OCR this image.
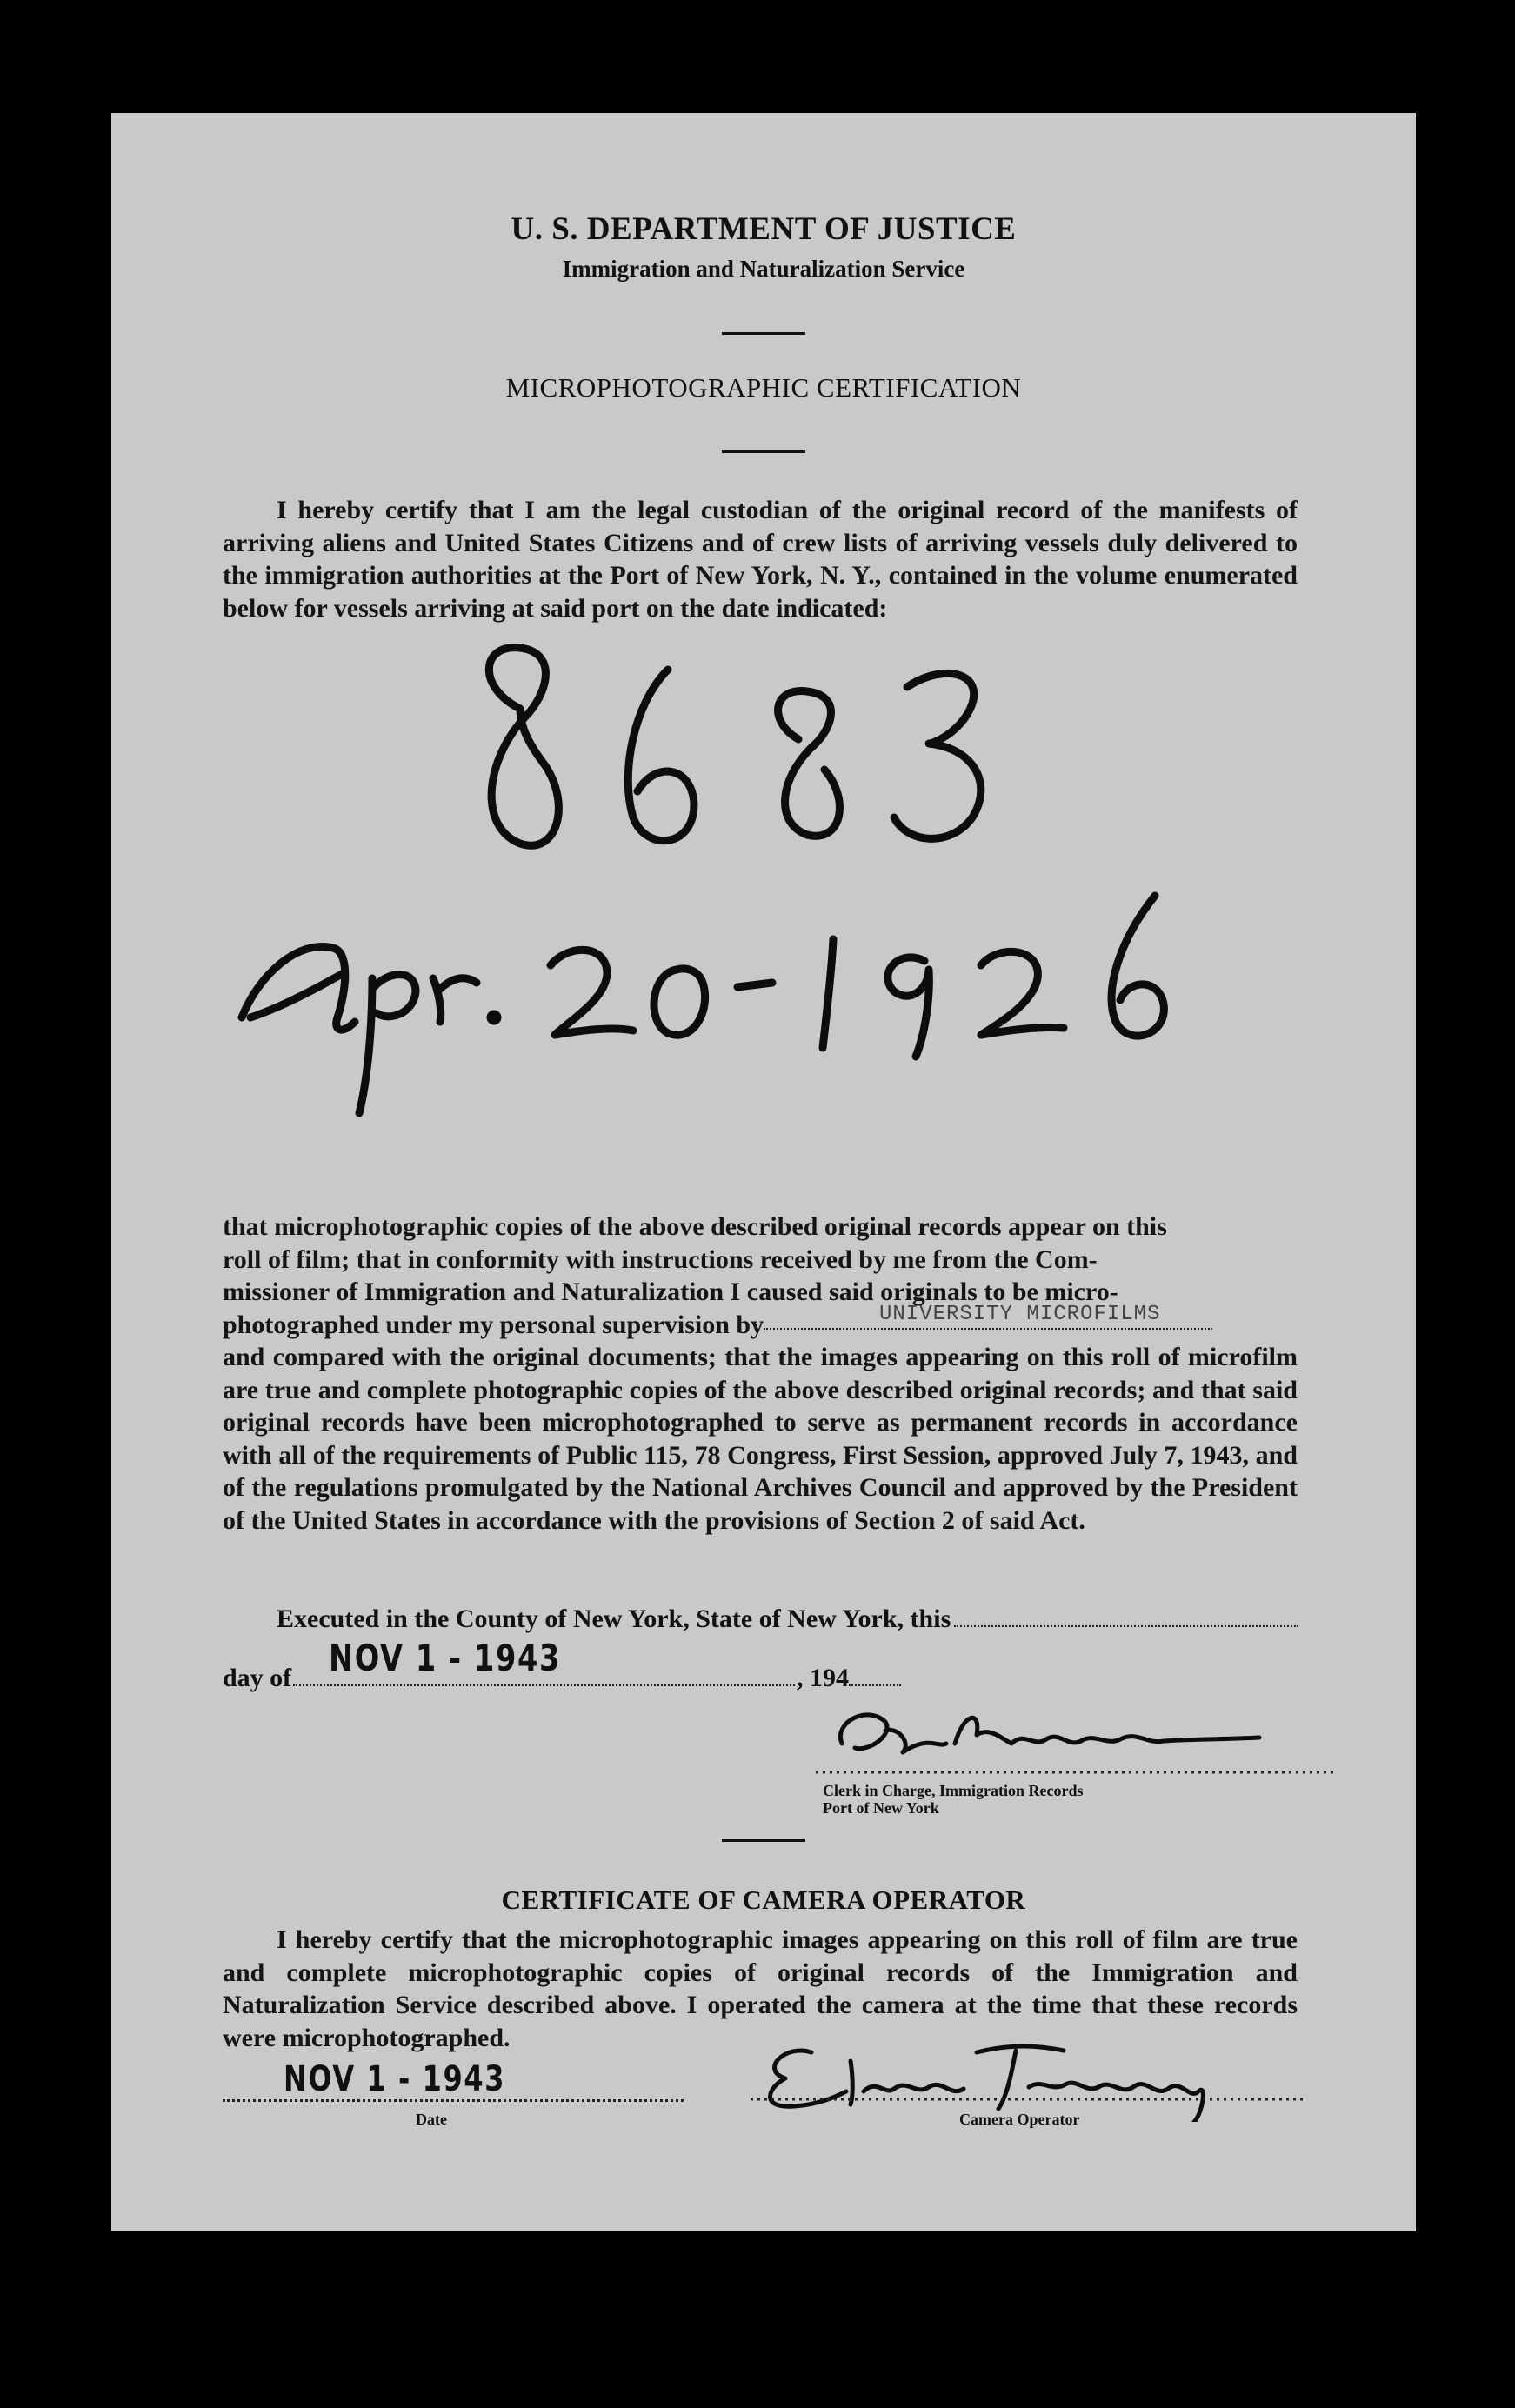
U. S. DEPARTMENT OF JUSTICE
Immigration and Naturalization Service
MICROPHOTOGRAPHIC CERTIFICATION
I hereby certify that I am the legal custodian of the original record of the manifests of arriving aliens and United States Citizens and of crew lists of arriving vessels duly delivered to the immigration authorities at the Port of New York, N. Y., contained in the volume enumerated below for vessels arriving at said port on the date indicated:
that microphotographic copies of the above described original records appear on this
roll of film; that in conformity with instructions received by me from the Com-
missioner of Immigration and Naturalization I caused said originals to be micro-
photographed under my personal supervision by	UNIVERSITY MICROFILMS
and compared with the original documents; that the images appearing on this roll of microfilm are true and complete photographic copies of the above described original records; and that said original records have been microphotographed to serve as permanent records in accordance with all of the requirements of Public 115, 78 Congress, First Session, approved July 7, 1943, and of the regulations promulgated by the National Archives Council and approved by the President of the United States in accordance with the provisions of Section 2 of said Act.
Executed in the County of New York, State of New York, this
day of	, 194
NOV 1 - 1943
Clerk in Charge, Immigration Records
Port of New York
CERTIFICATE OF CAMERA OPERATOR
I hereby certify that the microphotographic images appearing on this roll of film are true and complete microphotographic copies of original records of the Immigration and Naturalization Service described above. I operated the camera at the time that these records were microphotographed.
NOV 1 - 1943
Date	Camera Operator
